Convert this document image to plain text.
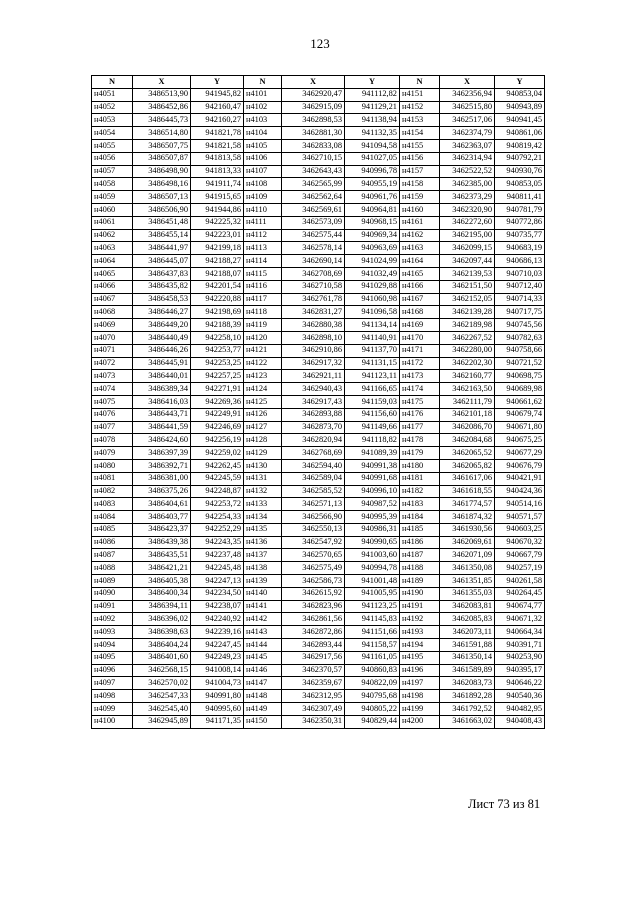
123
N	X	Y	N	X	Y	N	X	Y
н4051	3486513,90	941945,82	н4101	3462920,47	941112,82	н4151	3462356,94	940853,04
н4052	3486452,86	942160,47	н4102	3462915,09	941129,21	н4152	3462515,80	940943,89
н4053	3486445,73	942160,27	н4103	3462898,53	941138,94	н4153	3462517,06	940941,45
н4054	3486514,80	941821,78	н4104	3462881,30	941132,35	н4154	3462374,79	940861,06
н4055	3486507,75	941821,58	н4105	3462833,08	941094,58	н4155	3462363,07	940819,42
н4056	3486507,87	941813,58	н4106	3462710,15	941027,05	н4156	3462314,94	940792,21
н4057	3486498,90	941813,33	н4107	3462643,43	940996,78	н4157	3462522,52	940930,76
н4058	3486498,16	941911,74	н4108	3462565,99	940955,19	н4158	3462385,00	940853,05
н4059	3486507,13	941915,65	н4109	3462562,64	940961,76	н4159	3462373,29	940811,41
н4060	3486506,90	941944,86	н4110	3462569,61	940964,81	н4160	3462320,90	940781,79
н4061	3486451,48	942225,32	н4111	3462573,09	940968,15	н4161	3462272,60	940772,86
н4062	3486455,14	942223,01	н4112	3462575,44	940969,34	н4162	3462195,00	940735,77
н4063	3486441,97	942199,18	н4113	3462578,14	940963,69	н4163	3462099,15	940683,19
н4064	3486445,07	942188,27	н4114	3462690,14	941024,99	н4164	3462097,44	940686,13
н4065	3486437,83	942188,07	н4115	3462708,69	941032,49	н4165	3462139,53	940710,03
н4066	3486435,82	942201,54	н4116	3462710,58	941029,88	н4166	3462151,50	940712,40
н4067	3486458,53	942220,88	н4117	3462761,78	941060,98	н4167	3462152,05	940714,33
н4068	3486446,27	942198,69	н4118	3462831,27	941096,58	н4168	3462139,28	940717,75
н4069	3486449,20	942188,39	н4119	3462880,38	941134,14	н4169	3462189,98	940745,56
н4070	3486440,49	942258,10	н4120	3462898,10	941140,91	н4170	3462267,52	940782,63
н4071	3486446,26	942253,77	н4121	3462910,86	941137,70	н4171	3462280,00	940758,66
н4072	3486445,91	942253,25	н4122	3462917,32	941131,15	н4172	3462202,30	940721,52
н4073	3486440,01	942257,25	н4123	3462921,11	941123,11	н4173	3462160,77	940698,75
н4074	3486389,34	942271,91	н4124	3462940,43	941166,65	н4174	3462163,50	940689,98
н4075	3486416,03	942269,36	н4125	3462917,43	941159,03	н4175	3462111,79	940661,62
н4076	3486443,71	942249,91	н4126	3462893,88	941156,60	н4176	3462101,18	940679,74
н4077	3486441,59	942246,69	н4127	3462873,70	941149,66	н4177	3462086,70	940671,80
н4078	3486424,60	942256,19	н4128	3462820,94	941118,82	н4178	3462084,68	940675,25
н4079	3486397,39	942259,02	н4129	3462768,69	941089,39	н4179	3462065,52	940677,29
н4080	3486392,71	942262,45	н4130	3462594,40	940991,38	н4180	3462065,82	940676,79
н4081	3486381,00	942245,59	н4131	3462589,04	940991,68	н4181	3461617,06	940421,91
н4082	3486375,26	942248,87	н4132	3462585,52	940996,10	н4182	3461618,55	940424,36
н4083	3486404,61	942253,72	н4133	3462571,13	940987,52	н4183	3461774,57	940514,16
н4084	3486403,77	942254,33	н4134	3462566,90	940995,39	н4184	3461874,32	940571,57
н4085	3486423,37	942252,29	н4135	3462550,13	940986,31	н4185	3461930,56	940603,25
н4086	3486439,38	942243,35	н4136	3462547,92	940990,65	н4186	3462069,61	940670,32
н4087	3486435,51	942237,48	н4137	3462570,65	941003,60	н4187	3462071,09	940667,79
н4088	3486421,21	942245,48	н4138	3462575,49	940994,78	н4188	3461350,08	940257,19
н4089	3486405,38	942247,13	н4139	3462586,73	941001,48	н4189	3461351,85	940261,58
н4090	3486400,34	942234,50	н4140	3462615,92	941005,95	н4190	3461355,03	940264,45
н4091	3486394,11	942238,07	н4141	3462823,96	941123,25	н4191	3462083,81	940674,77
н4092	3486396,02	942240,92	н4142	3462861,56	941145,83	н4192	3462085,83	940671,32
н4093	3486398,63	942239,16	н4143	3462872,86	941151,66	н4193	3462073,11	940664,34
н4094	3486404,24	942247,45	н4144	3462893,44	941158,57	н4194	3461591,88	940391,71
н4095	3486401,60	942249,23	н4145	3462917,56	941161,05	н4195	3461350,14	940253,90
н4096	3462568,15	941008,14	н4146	3462370,57	940860,83	н4196	3461589,89	940395,17
н4097	3462570,02	941004,73	н4147	3462359,67	940822,09	н4197	3462083,73	940646,22
н4098	3462547,33	940991,80	н4148	3462312,95	940795,68	н4198	3461892,28	940540,36
н4099	3462545,40	940995,60	н4149	3462307,49	940805,22	н4199	3461792,52	940482,95
н4100	3462945,89	941171,35	н4150	3462350,31	940829,44	н4200	3461663,02	940408,43
Лист 73 из 81
